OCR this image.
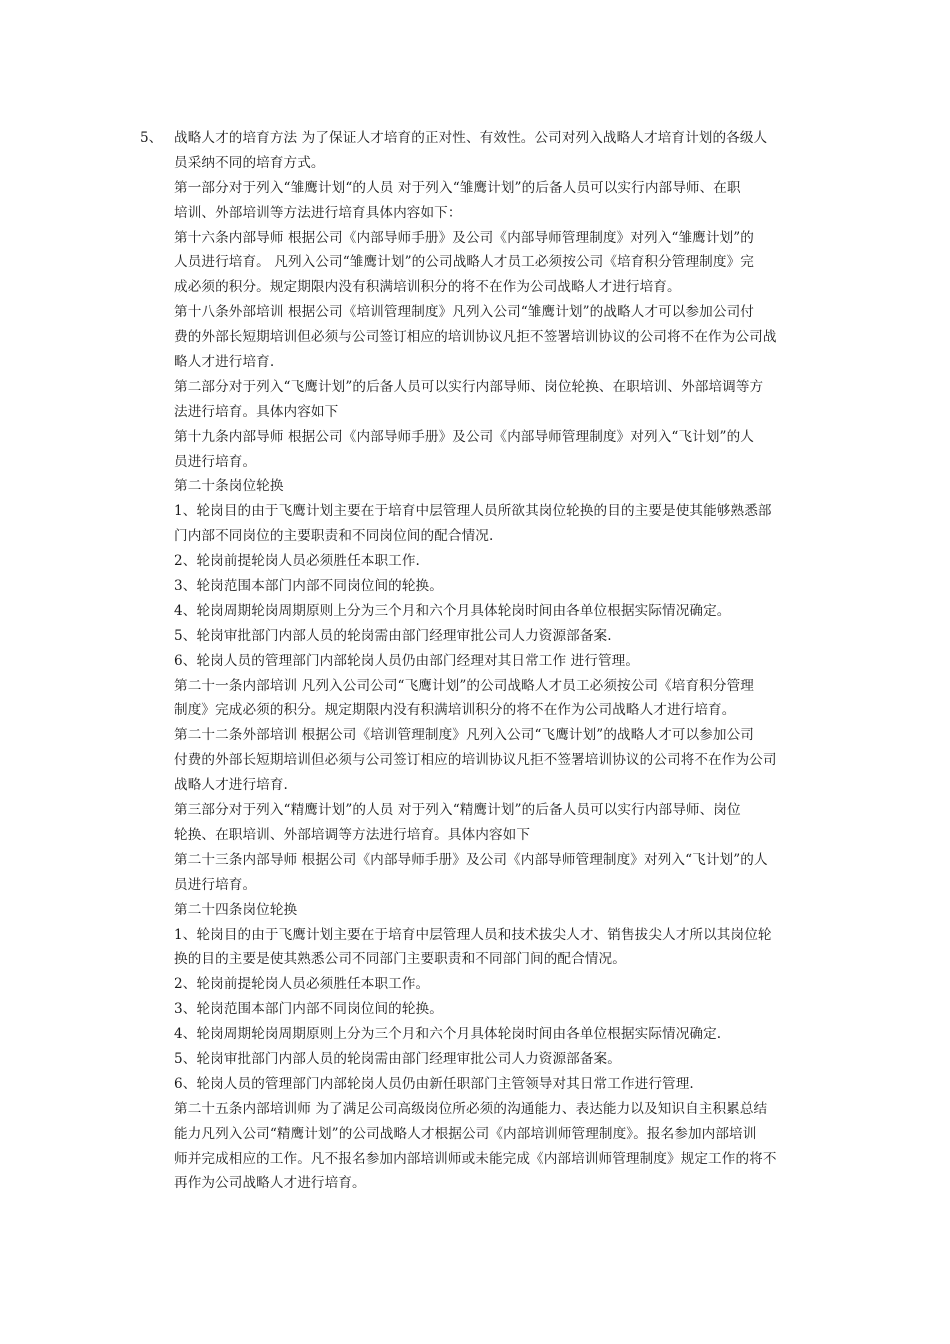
5、 战略人才的培育方法 为了保证人才培育的正对性、有效性。公司对列入战略人才培育计划的各级人
员采纳不同的培育方式。
第一部分对于列入“雏鹰计划“的人员 对于列入“雏鹰计划”的后备人员可以实行内部导师、在职
培训、外部培训等方法进行培育具体内容如下：
第十六条内部导师 根据公司《内部导师手册》及公司《内部导师管理制度》对列入“雏鹰计划”的
人员进行培育。 凡列入公司“雏鹰计划”的公司战略人才员工必须按公司《培育积分管理制度》完
成必须的积分。规定期限内没有积满培训积分的将不在作为公司战略人才进行培育。
第十八条外部培训 根据公司《培训管理制度》凡列入公司“雏鹰计划”的战略人才可以参加公司付
费的外部长短期培训但必须与公司签订相应的培训协议凡拒不签署培训协议的公司将不在作为公司战
略人才进行培育.
第二部分对于列入“飞鹰计划”的后备人员可以实行内部导师、岗位轮换、在职培训、外部培调等方
法进行培育。具体内容如下
第十九条内部导师 根据公司《内部导师手册》及公司《内部导师管理制度》对列入“飞计划”的人
员进行培育。
第二十条岗位轮换
1、轮岗目的由于飞鹰计划主要在于培育中层管理人员所欲其岗位轮换的目的主要是使其能够熟悉部
门内部不同岗位的主要职责和不同岗位间的配合情况.
2、轮岗前提轮岗人员必须胜任本职工作.
3、轮岗范围本部门内部不同岗位间的轮换。
4、轮岗周期轮岗周期原则上分为三个月和六个月具体轮岗时间由各单位根据实际情况确定。
5、轮岗审批部门内部人员的轮岗需由部门经理审批公司人力资源部备案.
6、轮岗人员的管理部门内部轮岗人员仍由部门经理对其日常工作 进行管理。
第二十一条内部培训 凡列入公司公司“飞鹰计划”的公司战略人才员工必须按公司《培育积分管理
制度》完成必须的积分。规定期限内没有积满培训积分的将不在作为公司战略人才进行培育。
第二十二条外部培训 根据公司《培训管理制度》凡列入公司“飞鹰计划”的战略人才可以参加公司
付费的外部长短期培训但必须与公司签订相应的培训协议凡拒不签署培训协议的公司将不在作为公司
战略人才进行培育.
第三部分对于列入“精鹰计划”的人员 对于列入“精鹰计划”的后备人员可以实行内部导师、岗位
轮换、在职培训、外部培调等方法进行培育。具体内容如下
第二十三条内部导师 根据公司《内部导师手册》及公司《内部导师管理制度》对列入“飞计划”的人
员进行培育。
第二十四条岗位轮换
1、轮岗目的由于飞鹰计划主要在于培育中层管理人员和技术拔尖人才、销售拔尖人才所以其岗位轮
换的目的主要是使其熟悉公司不同部门主要职责和不同部门间的配合情况。
2、轮岗前提轮岗人员必须胜任本职工作。
3、轮岗范围本部门内部不同岗位间的轮换。
4、轮岗周期轮岗周期原则上分为三个月和六个月具体轮岗时间由各单位根据实际情况确定.
5、轮岗审批部门内部人员的轮岗需由部门经理审批公司人力资源部备案。
6、轮岗人员的管理部门内部轮岗人员仍由新任职部门主管领导对其日常工作进行管理.
第二十五条内部培训师 为了满足公司高级岗位所必须的沟通能力、表达能力以及知识自主积累总结
能力凡列入公司“精鹰计划”的公司战略人才根据公司《内部培训师管理制度》。报名参加内部培训
师并完成相应的工作。凡不报名参加内部培训师或未能完成《内部培训师管理制度》规定工作的将不
再作为公司战略人才进行培育。
